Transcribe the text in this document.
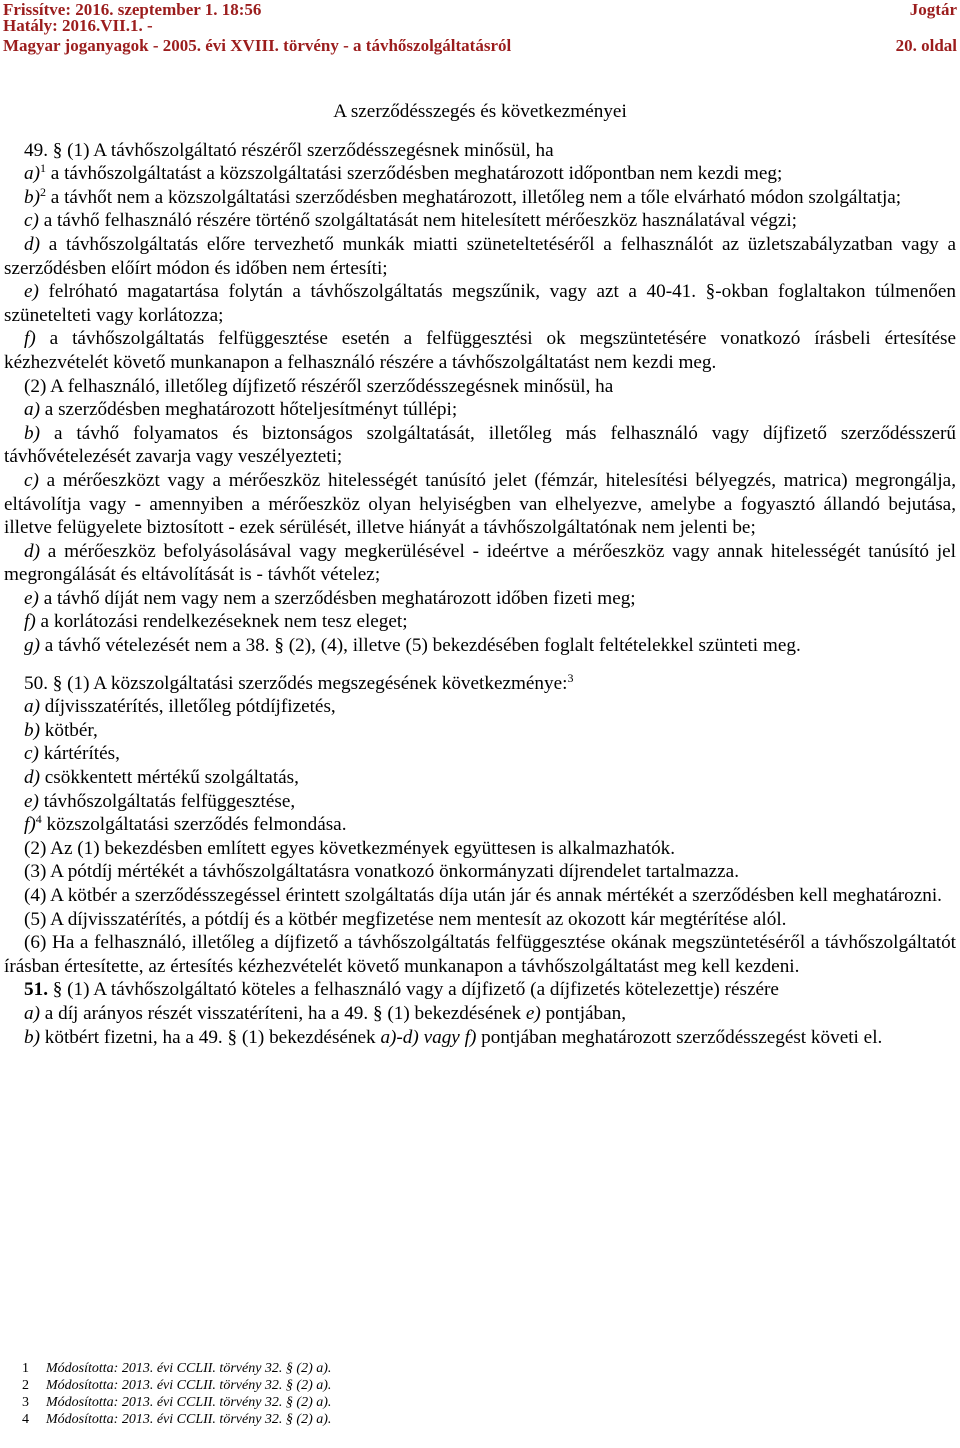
Frissítve: 2016. szeptember 1. 18:56	Jogtár
Hatály: 2016.VII.1. -
Magyar joganyagok - 2005. évi XVIII. törvény - a távhőszolgáltatásról	20. oldal

A szerződésszegés és következményei

49. § (1) A távhőszolgáltató részéről szerződésszegésnek minősül, ha

a)$^1$ a távhőszolgáltatást a közszolgáltatási szerződésben meghatározott időpontban nem kezdi meg;

b)$^2$ a távhőt nem a közszolgáltatási szerződésben meghatározott, illetőleg nem a tőle elvárható módon szolgáltatja;

c) a távhő felhasználó részére történő szolgáltatását nem hitelesített mérőeszköz használatával végzi;

d) a távhőszolgáltatás előre tervezhető munkák miatti szüneteltetéséről a felhasználót az üzletszabályzatban vagy a szerződésben előírt módon és időben nem értesíti;

e) felróható magatartása folytán a távhőszolgáltatás megszűnik, vagy azt a 40-41. §-okban foglaltakon túlmenően szünetelteti vagy korlátozza;

f) a távhőszolgáltatás felfüggesztése esetén a felfüggesztési ok megszüntetésére vonatkozó írásbeli értesítése kézhezvételét követő munkanapon a felhasználó részére a távhőszolgáltatást nem kezdi meg.

(2) A felhasználó, illetőleg díjfizető részéről szerződésszegésnek minősül, ha

a) a szerződésben meghatározott hőteljesítményt túllépi;

b) a távhő folyamatos és biztonságos szolgáltatását, illetőleg más felhasználó vagy díjfizető szerződésszerű távhővételezését zavarja vagy veszélyezteti;

c) a mérőeszközt vagy a mérőeszköz hitelességét tanúsító jelet (fémzár, hitelesítési bélyegzés, matrica) megrongálja, eltávolítja vagy - amennyiben a mérőeszköz olyan helyiségben van elhelyezve, amelybe a fogyasztó állandó bejutása, illetve felügyelete biztosított - ezek sérülését, illetve hiányát a távhőszolgáltatónak nem jelenti be;

d) a mérőeszköz befolyásolásával vagy megkerülésével - ideértve a mérőeszköz vagy annak hitelességét tanúsító jel megrongálását és eltávolítását is - távhőt vételez;

e) a távhő díját nem vagy nem a szerződésben meghatározott időben fizeti meg;

f) a korlátozási rendelkezéseknek nem tesz eleget;

g) a távhő vételezését nem a 38. § (2), (4), illetve (5) bekezdésében foglalt feltételekkel szünteti meg.

50. § (1) A közszolgáltatási szerződés megszegésének következménye:$^3$

a) díjvisszatérítés, illetőleg pótdíjfizetés,

b) kötbér,

c) kártérítés,

d) csökkentett mértékű szolgáltatás,

e) távhőszolgáltatás felfüggesztése,

f)$^4$ közszolgáltatási szerződés felmondása.

(2) Az (1) bekezdésben említett egyes következmények együttesen is alkalmazhatók.

(3) A pótdíj mértékét a távhőszolgáltatásra vonatkozó önkormányzati díjrendelet tartalmazza.

(4) A kötbér a szerződésszegéssel érintett szolgáltatás díja után jár és annak mértékét a szerződésben kell meghatározni.

(5) A díjvisszatérítés, a pótdíj és a kötbér megfizetése nem mentesít az okozott kár megtérítése alól.

(6) Ha a felhasználó, illetőleg a díjfizető a távhőszolgáltatás felfüggesztése okának megszüntetéséről a távhőszolgáltatót írásban értesítette, az értesítés kézhezvételét követő munkanapon a távhőszolgáltatást meg kell kezdeni.

51. § (1) A távhőszolgáltató köteles a felhasználó vagy a díjfizető (a díjfizetés kötelezettje) részére

a) a díj arányos részét visszatéríteni, ha a 49. § (1) bekezdésének e) pontjában,

b) kötbért fizetni, ha a 49. § (1) bekezdésének a)-d) vagy f) pontjában meghatározott szerződésszegést követi el.

1 Módosította: 2013. évi CCLII. törvény 32. § (2) a).
2 Módosította: 2013. évi CCLII. törvény 32. § (2) a).
3 Módosította: 2013. évi CCLII. törvény 32. § (2) a).
4 Módosította: 2013. évi CCLII. törvény 32. § (2) a).
